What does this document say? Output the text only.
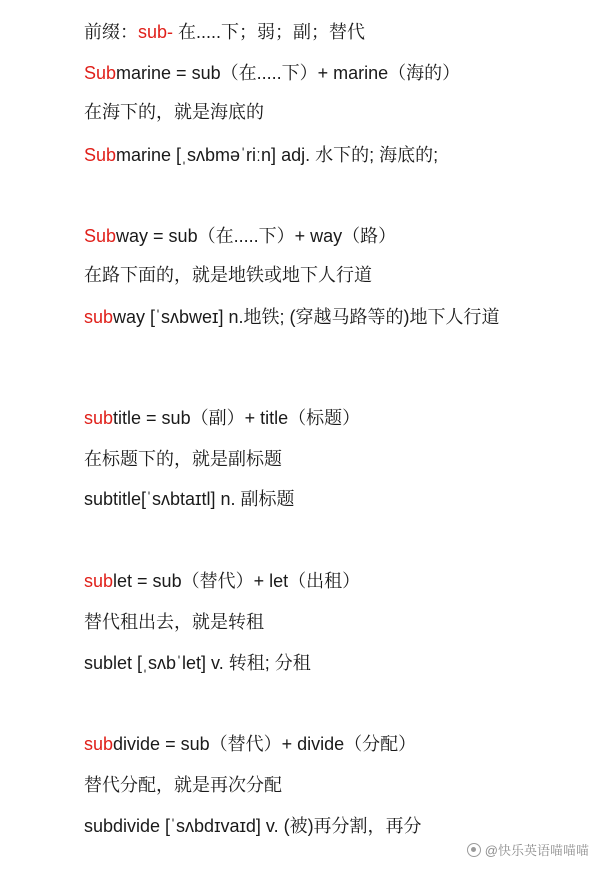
前缀：sub- 在.....下；弱；副；替代
Submarine = sub（在.....下）+ marine（海的）
在海下的，就是海底的
Submarine [ˌsʌbməˈriːn] adj. 水下的; 海底的;
Subway = sub（在.....下）+ way（路）
在路下面的，就是地铁或地下人行道
subway [ˈsʌbweɪ] n.地铁; (穿越马路等的)地下人行道
subtitle = sub（副）+ title（标题）
在标题下的，就是副标题
subtitle[ˈsʌbtaɪtl] n. 副标题
sublet = sub（替代）+ let（出租）
替代租出去，就是转租
sublet [ˌsʌbˈlet] v. 转租; 分租
subdivide = sub（替代）+ divide（分配）
替代分配，就是再次分配
subdivide [ˈsʌbdɪvaɪd] v. (被)再分割，再分
@快乐英语喵喵喵
